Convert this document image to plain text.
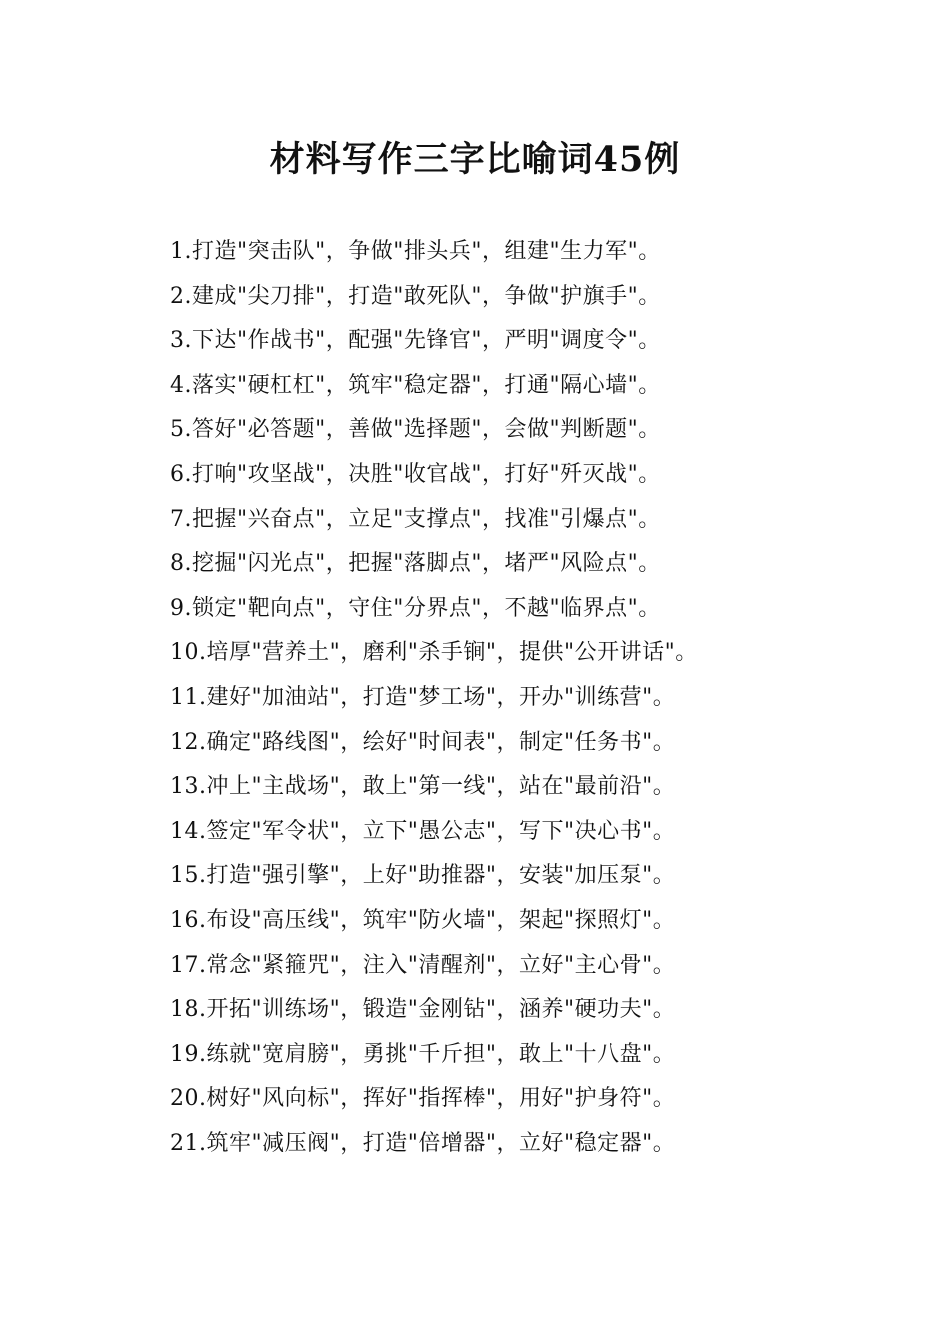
材料写作三字比喻词45例
1.打造"突击队"，争做"排头兵"，组建"生力军"。
2.建成"尖刀排"，打造"敢死队"，争做"护旗手"。
3.下达"作战书"，配强"先锋官"，严明"调度令"。
4.落实"硬杠杠"，筑牢"稳定器"，打通"隔心墙"。
5.答好"必答题"，善做"选择题"，会做"判断题"。
6.打响"攻坚战"，决胜"收官战"，打好"歼灭战"。
7.把握"兴奋点"，立足"支撑点"，找准"引爆点"。
8.挖掘"闪光点"，把握"落脚点"，堵严"风险点"。
9.锁定"靶向点"，守住"分界点"，不越"临界点"。
10.培厚"营养土"，磨利"杀手锏"，提供"公开讲话"。
11.建好"加油站"，打造"梦工场"，开办"训练营"。
12.确定"路线图"，绘好"时间表"，制定"任务书"。
13.冲上"主战场"，敢上"第一线"，站在"最前沿"。
14.签定"军令状"，立下"愚公志"，写下"决心书"。
15.打造"强引擎"，上好"助推器"，安装"加压泵"。
16.布设"高压线"，筑牢"防火墙"，架起"探照灯"。
17.常念"紧箍咒"，注入"清醒剂"，立好"主心骨"。
18.开拓"训练场"，锻造"金刚钻"，涵养"硬功夫"。
19.练就"宽肩膀"，勇挑"千斤担"，敢上"十八盘"。
20.树好"风向标"，挥好"指挥棒"，用好"护身符"。
21.筑牢"减压阀"，打造"倍增器"，立好"稳定器"。
